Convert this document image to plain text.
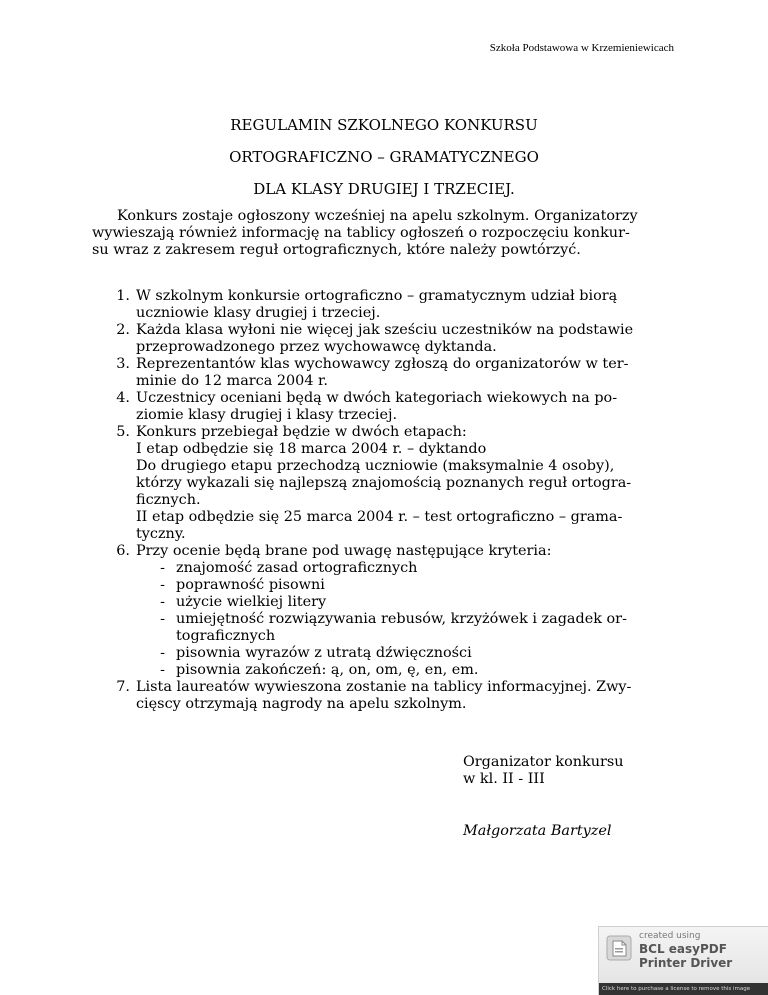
Szkoła Podstawowa w Krzemieniewicach
REGULAMIN SZKOLNEGO KONKURSU
ORTOGRAFICZNO – GRAMATYCZNEGO
DLA KLASY DRUGIEJ I TRZECIEJ.

Konkurs zostaje ogłoszony wcześniej na apelu szkolnym. Organizatorzy
wywieszają również informację na tablicy ogłoszeń o rozpoczęciu konkur-
su wraz z zakresem reguł ortograficznych, które należy powtórzyć.

1. W szkolnym konkursie ortograficzno – gramatycznym udział biorą
uczniowie klasy drugiej i trzeciej.
2. Każda klasa wyłoni nie więcej jak sześciu uczestników na podstawie
przeprowadzonego przez wychowawcę dyktanda.
3. Reprezentantów klas wychowawcy zgłoszą do organizatorów w ter-
minie do 12 marca 2004 r.
4. Uczestnicy oceniani będą w dwóch kategoriach wiekowych na po-
ziomie klasy drugiej i klasy trzeciej.
5. Konkurs przebiegał będzie w dwóch etapach:
I etap odbędzie się 18 marca 2004 r. – dyktando
Do drugiego etapu przechodzą uczniowie (maksymalnie 4 osoby),
którzy wykazali się najlepszą znajomością poznanych reguł ortogra-
ficznych.
II etap odbędzie się 25 marca 2004 r. – test ortograficzno – grama-
tyczny.
6. Przy ocenie będą brane pod uwagę następujące kryteria:
- znajomość zasad ortograficznych
- poprawność pisowni
- użycie wielkiej litery
- umiejętność rozwiązywania rebusów, krzyżówek i zagadek or-
tograficznych
- pisownia wyrazów z utratą dźwięczności
- pisownia zakończeń: ą, on, om, ę, en, em.
7. Lista laureatów wywieszona zostanie na tablicy informacyjnej. Zwy-
cięscy otrzymają nagrody na apelu szkolnym.
Organizator konkursu
w kl. II - III
Małgorzata Bartyzel
created using
BCL easyPDF
Printer Driver
Click here to purchase a license to remove this image
